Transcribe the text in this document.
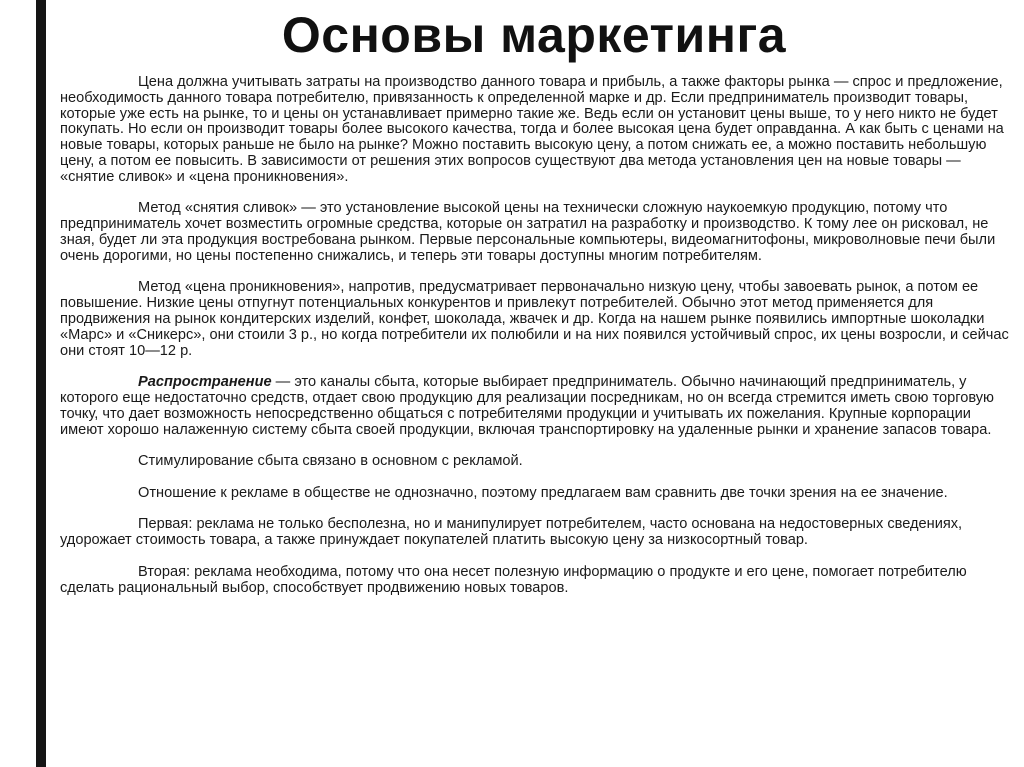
Основы маркетинга

Цена должна учитывать затраты на производство данного товара и прибыль, а также факторы рынка — спрос и предложение, необходимость данного товара потребителю, привязанность к определенной марке и др. Если предприниматель производит товары, которые уже есть на рынке, то и цены он устанавливает примерно такие же. Ведь если он установит цены выше, то у него никто не будет покупать. Но если он производит товары более высокого качества, тогда и более высокая цена будет оправданна. А как быть с ценами на новые товары, которых раньше не было на рынке? Можно поставить высокую цену, а потом снижать ее, а можно поставить небольшую цену, а потом ее повысить. В зависимости от решения этих вопросов существуют два метода установления цен на новые товары — «снятие сливок» и «цена проникновения».

Метод «снятия сливок» — это установление высокой цены на технически сложную наукоемкую продукцию, потому что предприниматель хочет возместить огромные средства, которые он затратил на разработку и производство. К тому лее он рисковал, не зная, будет ли эта продукция востребована рынком. Первые персональные компьютеры, видеомагнитофоны, микроволновые печи были очень дорогими, но цены постепенно снижались, и теперь эти товары доступны многим потребителям.

Метод «цена проникновения», напротив, предусматривает первоначально низкую цену, чтобы завоевать рынок, а потом ее повышение. Низкие цены отпугнут потенциальных конкурентов и привлекут потребителей. Обычно этот метод применяется для продвижения на рынок кондитерских изделий, конфет, шоколада, жвачек и др. Когда на нашем рынке появились импортные шоколадки «Марс» и «Сникерс», они стоили 3 р., но когда потребители их полюбили и на них появился устойчивый спрос, их цены возросли, и сейчас они стоят 10—12 р.

Распространение — это каналы сбыта, которые выбирает предприниматель. Обычно начинающий предприниматель, у которого еще недостаточно средств, отдает свою продукцию для реализации посредникам, но он всегда стремится иметь свою торговую точку, что дает возможность непосредственно общаться с потребителями продукции и учитывать их пожелания. Крупные корпорации имеют хорошо налаженную систему сбыта своей продукции, включая транспортировку на удаленные рынки и хранение запасов товара.

Стимулирование сбыта связано в основном с рекламой.

Отношение к рекламе в обществе не однозначно, поэтому предлагаем вам сравнить две точки зрения на ее значение.

Первая: реклама не только бесполезна, но и манипулирует потребителем, часто основана на недостоверных сведениях, удорожает стоимость товара, а также принуждает покупателей платить высокую цену за низкосортный товар.

Вторая: реклама необходима, потому что она несет полезную информацию о продукте и его цене, помогает потребителю сделать рациональный выбор, способствует продвижению новых товаров.
